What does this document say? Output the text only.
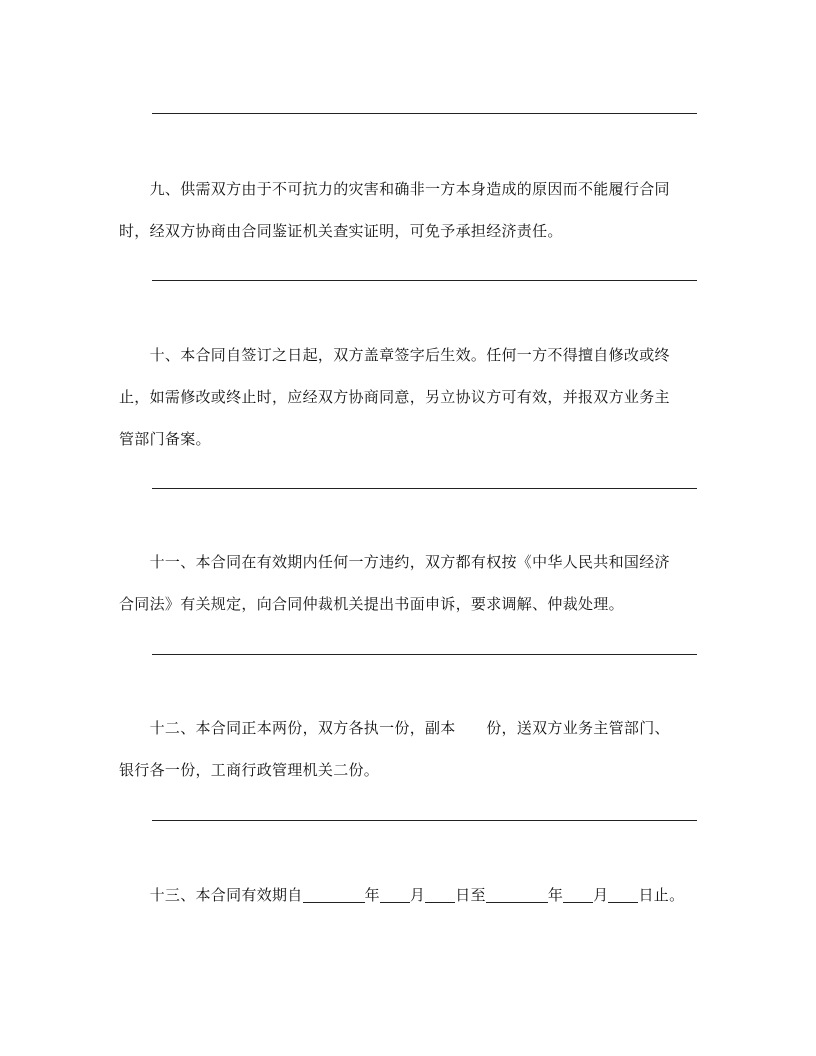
　　九、供需双方由于不可抗力的灾害和确非一方本身造成的原因而不能履行合同
时，经双方协商由合同鉴证机关查实证明，可免予承担经济责任。
　　十、本合同自签订之日起，双方盖章签字后生效。任何一方不得擅自修改或终
止，如需修改或终止时，应经双方协商同意，另立协议方可有效，并报双方业务主
管部门备案。
　　十一、本合同在有效期内任何一方违约，双方都有权按《中华人民共和国经济
合同法》有关规定，向合同仲裁机关提出书面申诉，要求调解、仲裁处理。
　　十二、本合同正本两份，双方各执一份，副本　　份，送双方业务主管部门、
银行各一份，工商行政管理机关二份。
　　十三、本合同有效期自	年 月 日至	年 月 日止。
